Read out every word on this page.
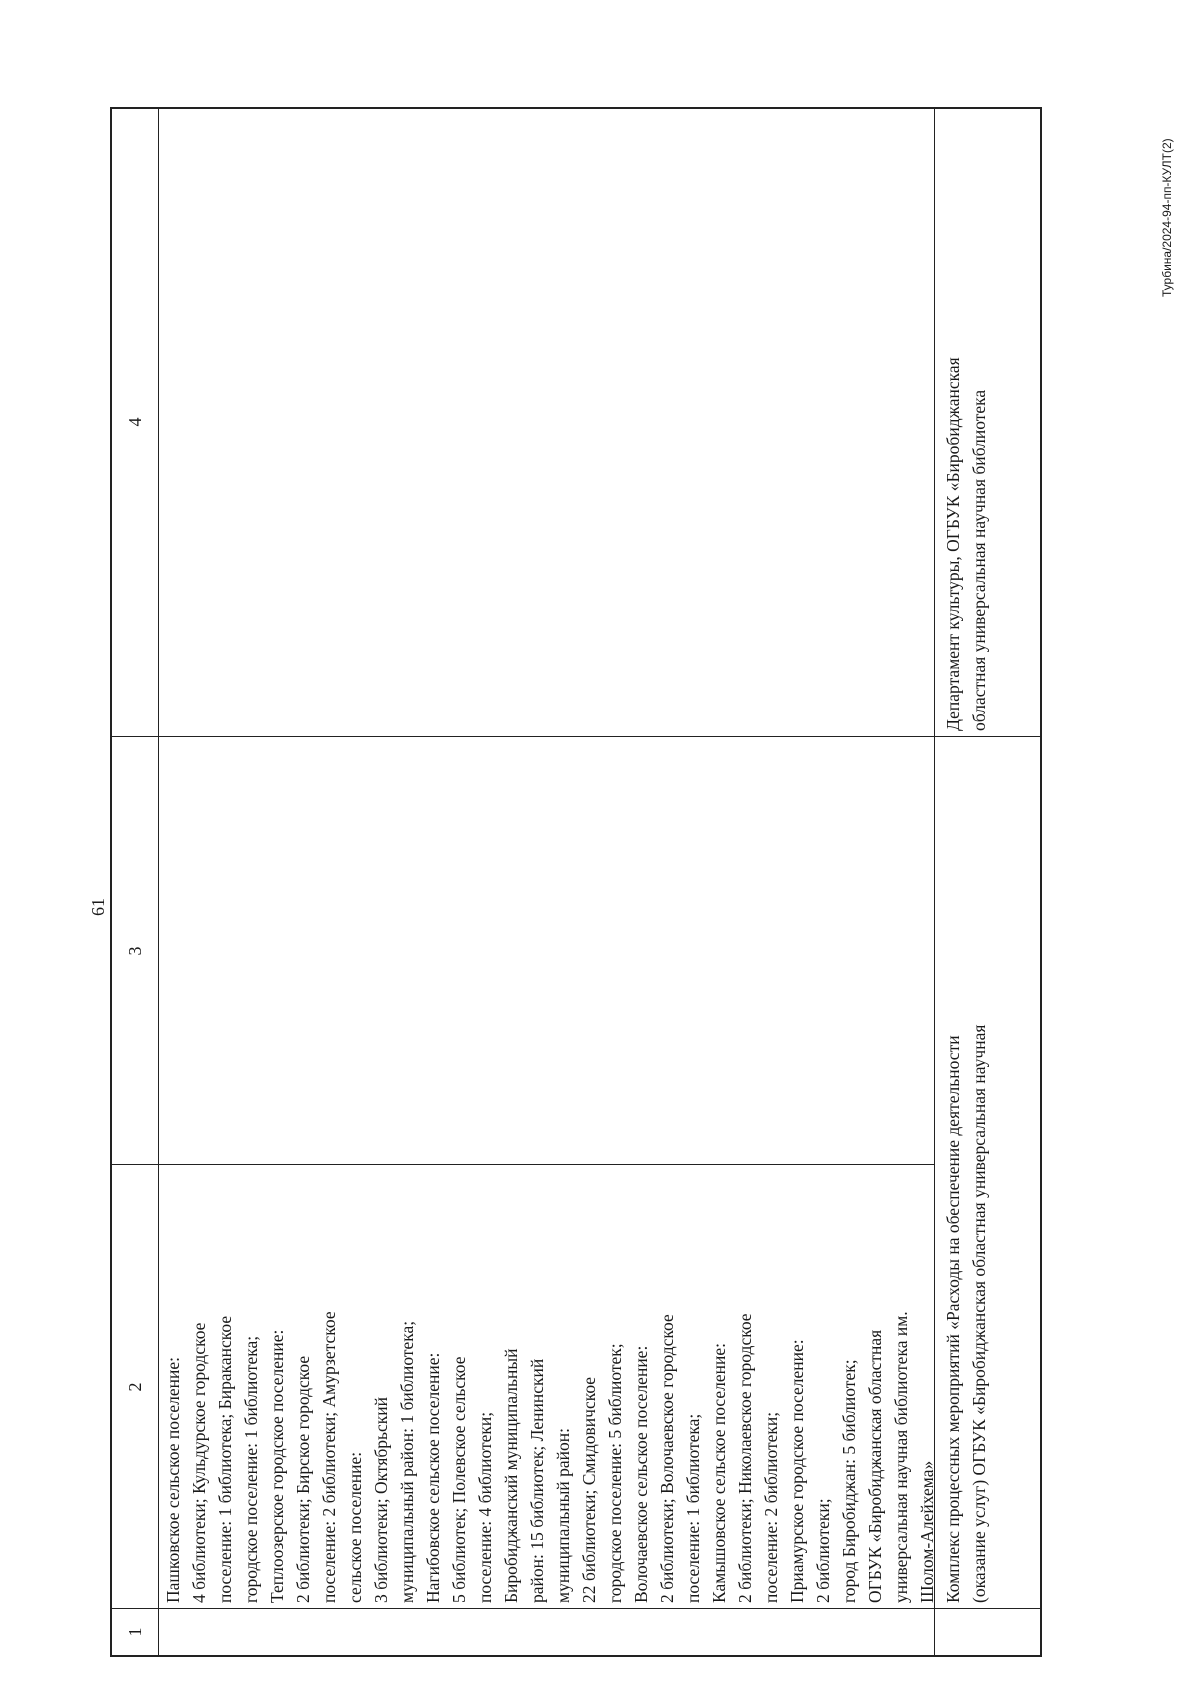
61
1
2
3
4
Пашковское сельское поселение:
4 библиотеки; Кульдурское городское
поселение: 1 библиотека; Бираканское
городское поселение: 1 библиотека;
Теплоозерское городское поселение:
2 библиотеки; Бирское городское
поселение: 2 библиотеки; Амурзетское
сельское поселение:
3 библиотеки; Октябрьский
муниципальный район: 1 библиотека;
Нагибовское сельское поселение:
5 библиотек; Полевское сельское
поселение: 4 библиотеки;
Биробиджанский муниципальный
район: 15 библиотек; Ленинский
муниципальный район:
22 библиотеки; Смидовичское
городское поселение: 5 библиотек;
Волочаевское сельское поселение:
2 библиотеки; Волочаевское городское
поселение: 1 библиотека;
Камышовское сельское поселение:
2 библиотеки; Николаевское городское
поселение: 2 библиотеки;
Приамурское городское поселение:
2 библиотеки;
город Биробиджан: 5 библиотек;
ОГБУК «Биробиджанская областная
универсальная научная библиотека им.
Шолом-Алейхема» Комплекс процессных мероприятий «Расходы на обеспечение деятельности
(оказание услуг) ОГБУК «Биробиджанская областная универсальная научная
Департамент культуры, ОГБУК «Биробиджанская
областная универсальная научная библиотека
Турбина/2024-94-пп-КУЛТ(2)
